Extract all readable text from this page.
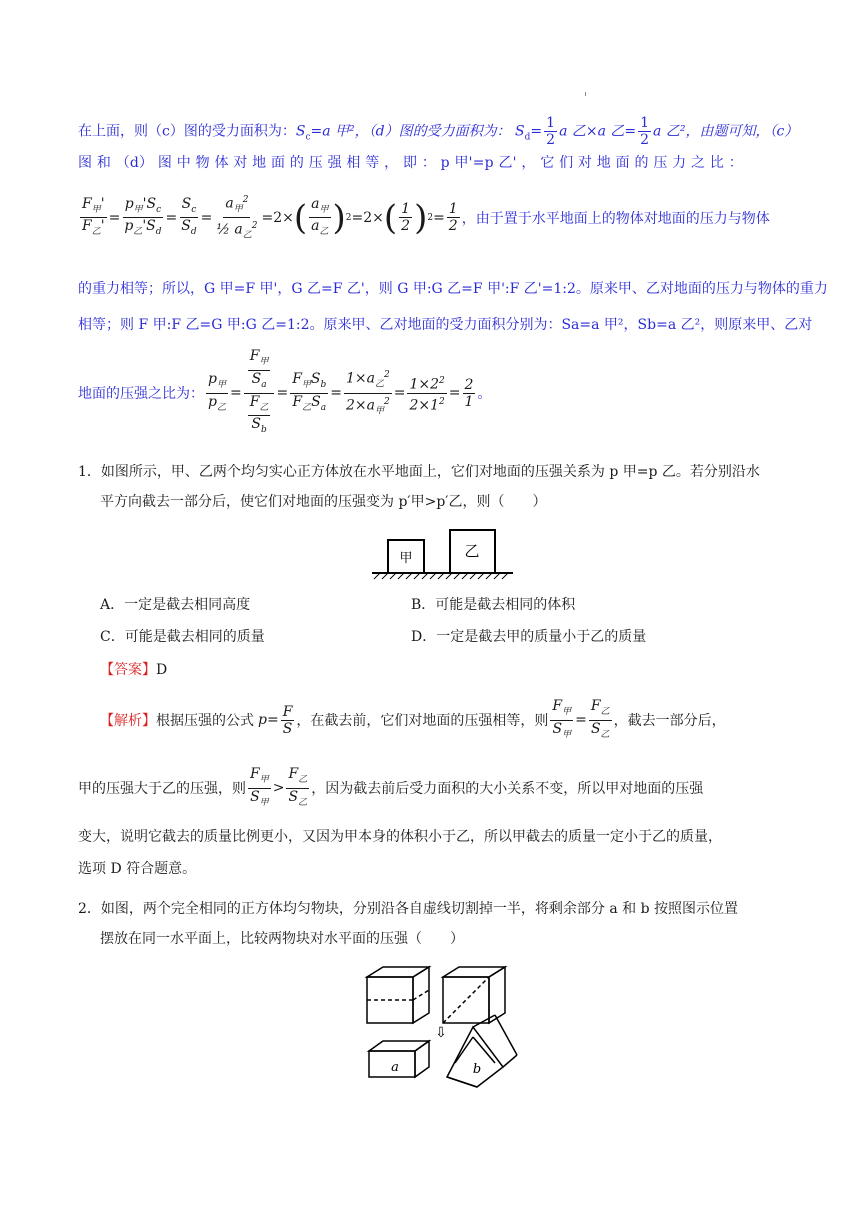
在上面，则（c）图的受力面积为：$S_c=a$ 甲²，（d）图的受力面积为： $S_d= \frac{1}{2}$ a 乙×a 乙= $\frac{1}{2}$ a 乙²，由题可知，（c）
图 和 （d） 图 中 物 体 对 地 面 的 压 强 相 等 ， 即 ： p 甲'=p 乙' ， 它 们 对 地 面 的 压 力 之 比 ：
$\frac{F_甲'}{F_乙'} = \frac{p_甲'S_c}{p_乙'S_d} = \frac{S_c}{S_d} = \frac{a_甲^2}{\frac{1}{2} a_乙^2} =2\times$ ( $\frac{a_甲}{a_乙}$ ) 2 =2× ( $\frac{1}{2}$ ) $2 = \frac{1}{2}$ ，由于置于水平地面上的物体对地面的压力与物体
的重力相等；所以，G 甲=F 甲'，G 乙=F 乙'，则 G 甲:G 乙=F 甲':F 乙'=1:2。原来甲、乙对地面的压力与物体的重力
相等；则 F 甲:F 乙=G 甲:G 乙=1:2。原来甲、乙对地面的受力面积分别为：Sa=a 甲²，Sb=a 乙²，则原来甲、乙对
地面的压强之比为： $\frac{p_甲}{p_乙} = \frac{\frac{F_甲}{S_a}}{\frac{F_乙}{S_b}} = \frac{F_甲S_b}{F_乙S_a} = \frac{1\times a_乙^2}{2\times a_甲^2} = \frac{1\times 2^2}{2\times 1^2} = \frac{2}{1}$ 。
1．如图所示，甲、乙两个均匀实心正方体放在水平地面上，它们对地面的压强关系为 p 甲=p 乙。若分别沿水
平方向截去一部分后，使它们对地面的压强变为 p′甲>p′乙，则（　　）
甲	乙
A．一定是截去相同高度	B．可能是截去相同的体积
C．可能是截去相同的质量	D．一定是截去甲的质量小于乙的质量
【答案】D
【解析】 根据压强的公式 $p = \frac{F}{S}$ ，在截去前，它们对地面的压强相等，则 $\frac{F_甲}{S_甲} = \frac{F_乙}{S_乙}$ ，截去一部分后，
甲的压强大于乙的压强，则 $\frac{F_甲}{S_甲} > \frac{F_乙}{S_乙}$ ，因为截去前后受力面积的大小关系不变，所以甲对地面的压强
变大，说明它截去的质量比例更小，又因为甲本身的体积小于乙，所以甲截去的质量一定小于乙的质量，
选项 D 符合题意。
2．如图，两个完全相同的正方体均匀物块，分别沿各自虚线切割掉一半，将剩余部分 a 和 b 按照图示位置
摆放在同一水平面上，比较两物块对水平面的压强（　　）
a	b
⇩
